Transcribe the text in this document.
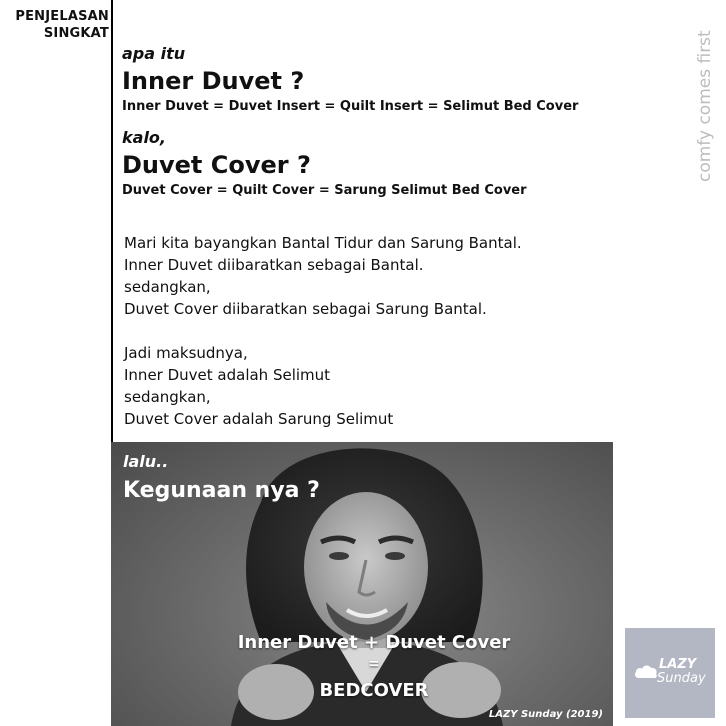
PENJELASAN
SINGKAT

apa itu

Inner Duvet ?

Inner Duvet = Duvet Insert = Quilt Insert = Selimut Bed Cover

kalo,

Duvet Cover ?

Duvet Cover = Quilt Cover = Sarung Selimut Bed Cover

Mari kita bayangkan Bantal Tidur dan Sarung Bantal.

Inner Duvet diibaratkan sebagai Bantal.

sedangkan,

Duvet Cover diibaratkan sebagai Sarung Bantal.

Jadi maksudnya,

Inner Duvet adalah Selimut

sedangkan,

Duvet Cover adalah Sarung Selimut

comfy comes first
lalu..
Kegunaan nya ?
Inner Duvet + Duvet Cover
=
BEDCOVER
LAZY Sunday (2019)
LAZY
Sunday
